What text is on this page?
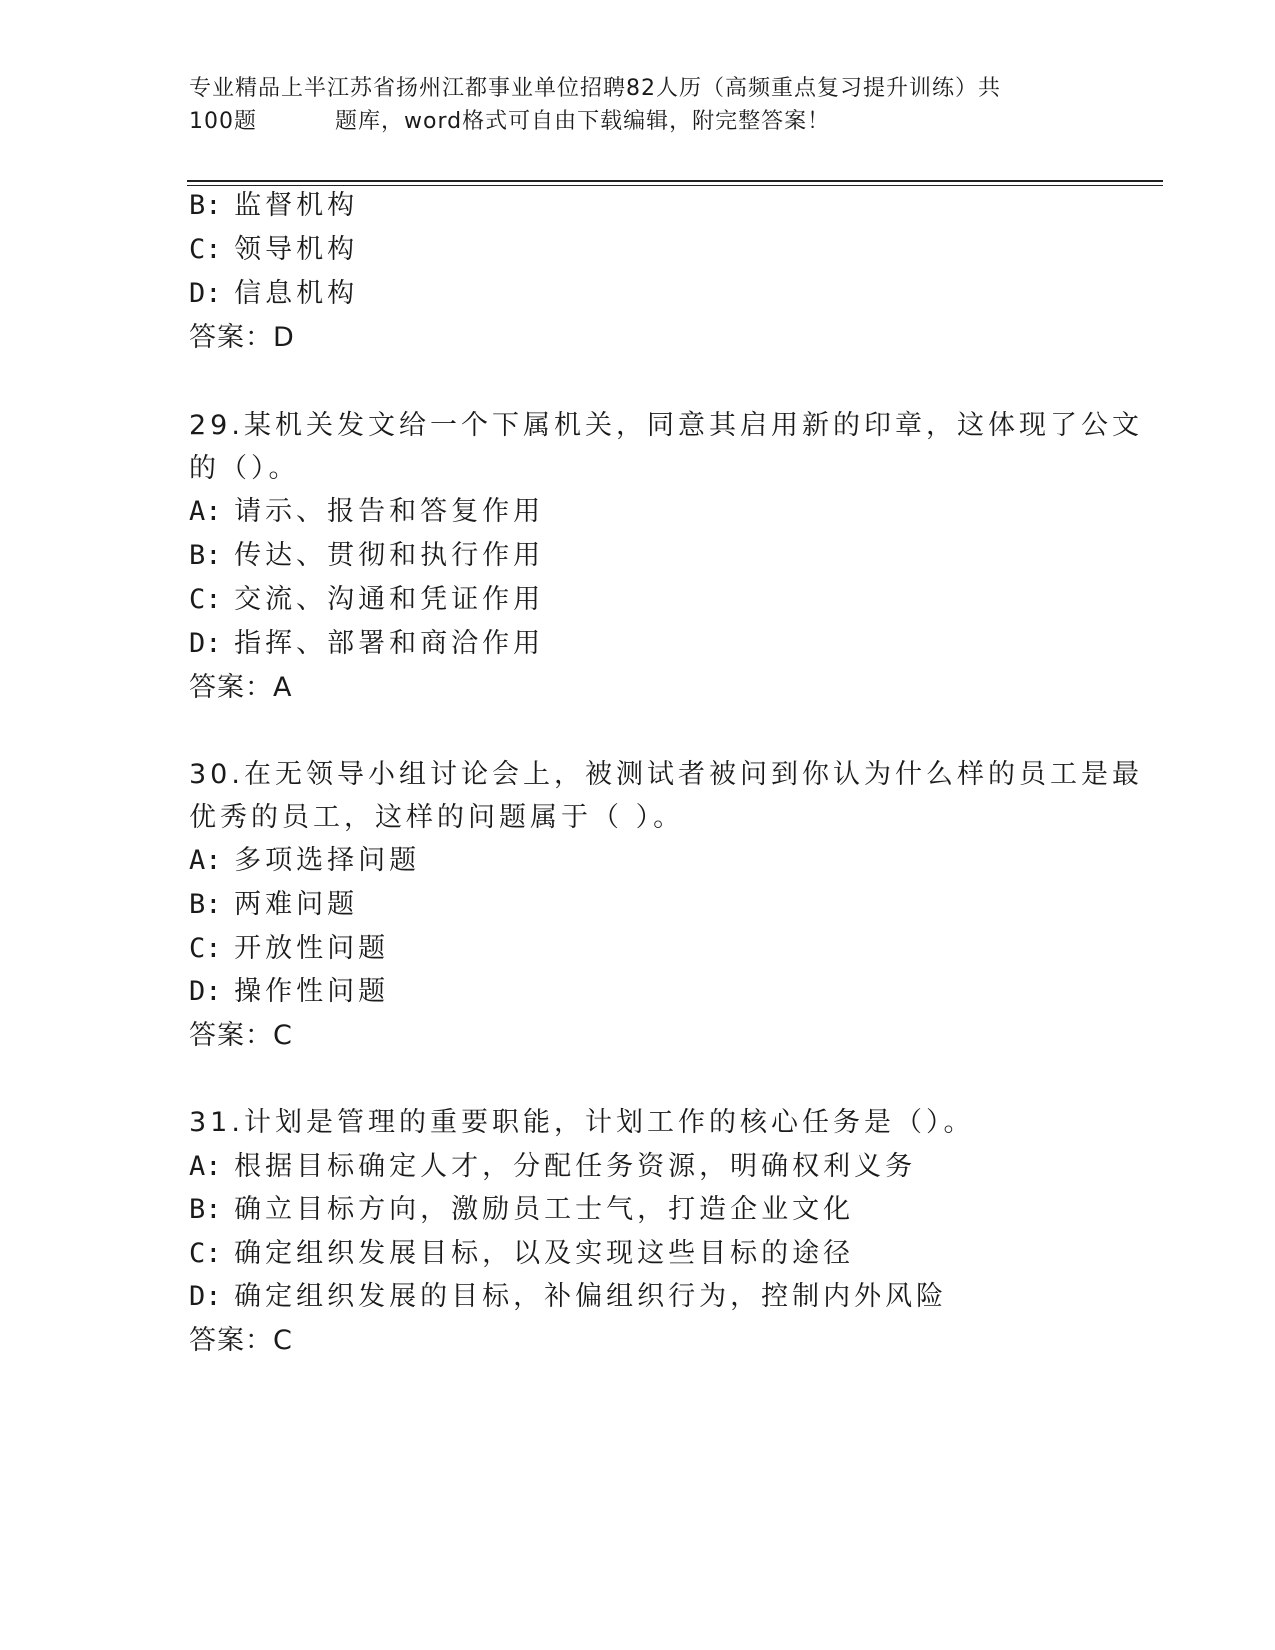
专业精品上半江苏省扬州江都事业单位招聘82人历（高频重点复习提升训练）共
100题	题库，word格式可自由下载编辑，附完整答案！
B: 监督机构
C: 领导机构
D: 信息机构
答案：D
29.某机关发文给一个下属机关，同意其启用新的印章，这体现了公文
的（）。
A: 请示、报告和答复作用
B: 传达、贯彻和执行作用
C: 交流、沟通和凭证作用
D: 指挥、部署和商洽作用
答案：A
30.在无领导小组讨论会上，被测试者被问到你认为什么样的员工是最
优秀的员工，这样的问题属于（ ）。
A: 多项选择问题
B: 两难问题
C: 开放性问题
D: 操作性问题
答案：C
31.计划是管理的重要职能，计划工作的核心任务是（）。
A: 根据目标确定人才，分配任务资源，明确权利义务
B: 确立目标方向，激励员工士气，打造企业文化
C: 确定组织发展目标，以及实现这些目标的途径
D: 确定组织发展的目标，补偏组织行为，控制内外风险
答案：C
